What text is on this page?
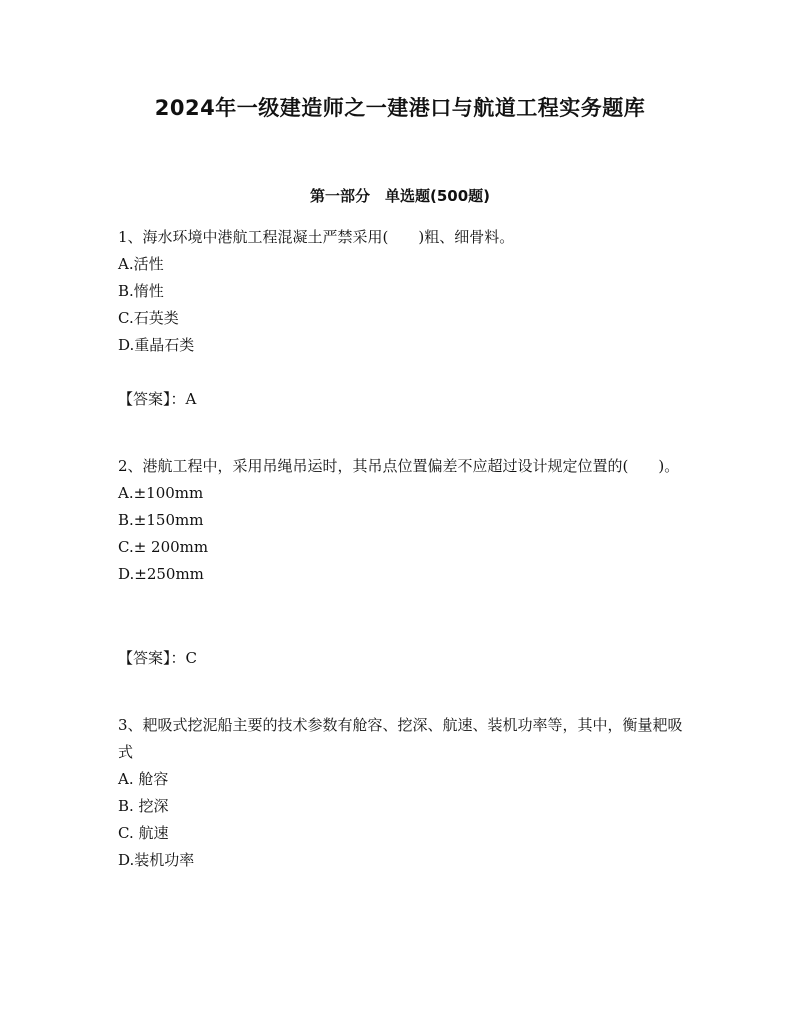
2024年一级建造师之一建港口与航道工程实务题库
第一部分　单选题(500题)

1、海水环境中港航工程混凝土严禁采用(　　)粗、细骨料。

A.活性

B.惰性

C.石英类

D.重晶石类

【答案】：A

2、港航工程中，采用吊绳吊运时，其吊点位置偏差不应超过设计规定位置的(　　)。

A.±100mm

B.±150mm

C.± 200mm

D.±250mm

【答案】：C

3、耙吸式挖泥船主要的技术参数有舱容、挖深、航速、装机功率等，其中，衡量耙吸式

A. 舱容

B. 挖深

C. 航速

D.装机功率
